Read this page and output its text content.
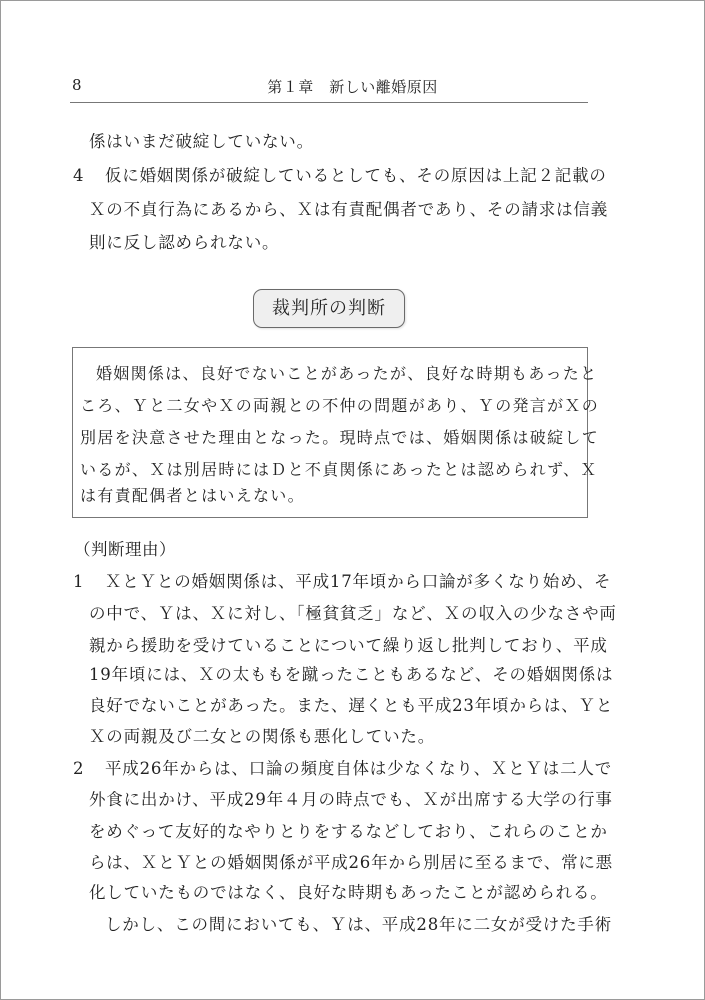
8	第１章　新しい離婚原因
係はいまだ破綻していない。
4 仮に婚姻関係が破綻しているとしても、その原因は上記２記載の
Ｘの不貞行為にあるから、Ｘは有責配偶者であり、その請求は信義
則に反し認められない。
裁判所の判断
婚姻関係は、良好でないことがあったが、良好な時期もあったと
ころ、Ｙと二女やＸの両親との不仲の問題があり、Ｙの発言がＸの
別居を決意させた理由となった。現時点では、婚姻関係は破綻して
いるが、Ｘは別居時にはＤと不貞関係にあったとは認められず、Ｘ
は有責配偶者とはいえない。
（判断理由）
1 ＸとＹとの婚姻関係は、平成17年頃から口論が多くなり始め、そ
の中で、Ｙは、Ｘに対し、「極貧貧乏」など、Ｘの収入の少なさや両
親から援助を受けていることについて繰り返し批判しており、平成
19年頃には、Ｘの太ももを蹴ったこともあるなど、その婚姻関係は
良好でないことがあった。また、遅くとも平成23年頃からは、Ｙと
Ｘの両親及び二女との関係も悪化していた。
2 平成26年からは、口論の頻度自体は少なくなり、ＸとＹは二人で
外食に出かけ、平成29年４月の時点でも、Ｘが出席する大学の行事
をめぐって友好的なやりとりをするなどしており、これらのことか
らは、ＸとＹとの婚姻関係が平成26年から別居に至るまで、常に悪
化していたものではなく、良好な時期もあったことが認められる。
しかし、この間においても、Ｙは、平成28年に二女が受けた手術
